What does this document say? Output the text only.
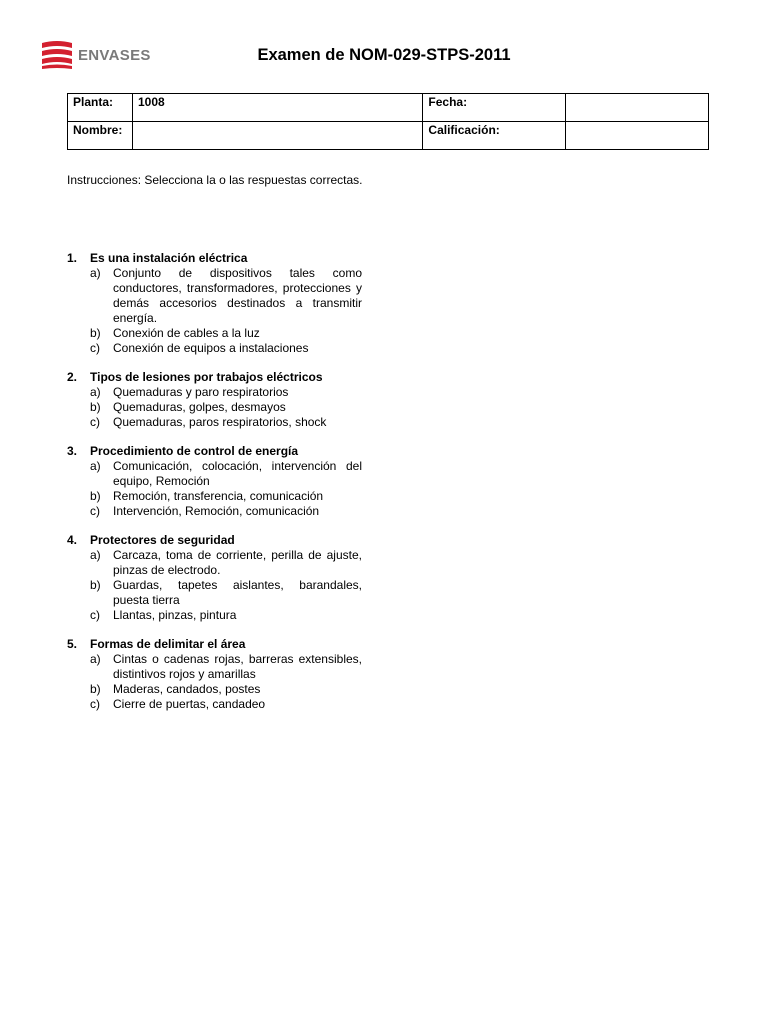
ENVASES	Examen de NOM-029-STPS-2011
Planta:	1008	Fecha:	
Nombre:		Calificación:	
Instrucciones: Selecciona la o las respuestas correctas.
1.	Es una instalación eléctrica
a)	Conjunto de dispositivos tales como conductores, transformadores, protecciones y demás accesorios destinados a transmitir energía.
b)	Conexión de cables a la luz
c)	Conexión de equipos a instalaciones
2.	Tipos de lesiones por trabajos eléctricos
a)	Quemaduras y paro respiratorios
b)	Quemaduras, golpes, desmayos
c)	Quemaduras, paros respiratorios, shock
3.	Procedimiento de control de energía
a)	Comunicación, colocación, intervención del equipo, Remoción
b)	Remoción, transferencia, comunicación
c)	Intervención, Remoción, comunicación
4.	Protectores de seguridad
a)	Carcaza, toma de corriente, perilla de ajuste, pinzas de electrodo.
b)	Guardas, tapetes aislantes, barandales, puesta tierra
c)	Llantas, pinzas, pintura
5.	Formas de delimitar el área
a)	Cintas o cadenas rojas, barreras extensibles, distintivos rojos y amarillas
b)	Maderas, candados, postes
c)	Cierre de puertas, candadeo
